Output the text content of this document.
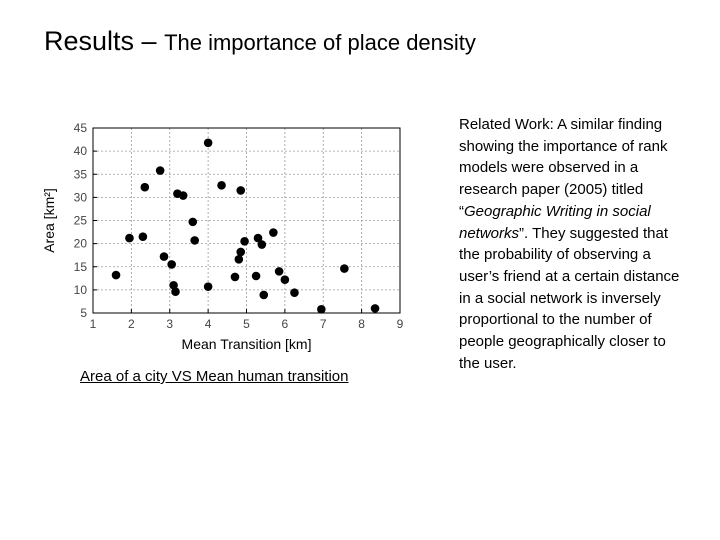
Results – The importance of place density
1	2	3	4	5	6	7	8	9
5
10
15
20
25
30
35
40
45
Mean Transition [km]
Area [km²]
Area of a city VS Mean human transition
Related Work: A similar finding showing the importance of rank models were observed in a research paper (2005) titled “Geographic Writing in social networks”. They suggested that the probability of observing a user’s friend at a certain distance in a social network is inversely proportional to the number of people geographically closer to the user.
